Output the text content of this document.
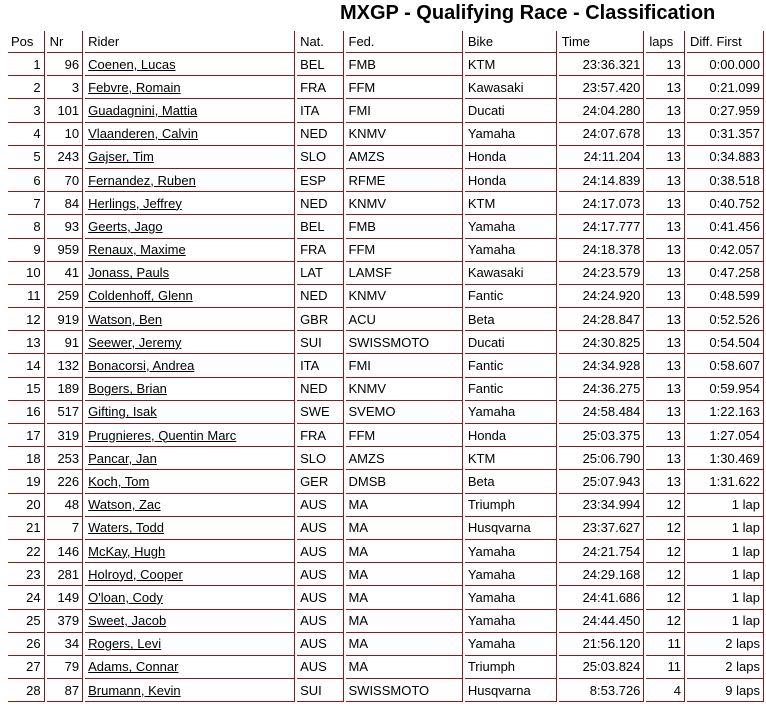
MXGP - Qualifying Race - Classification
Pos	Nr	Rider	Nat.	Fed.	Bike	Time	laps	Diff. First
1	96	Coenen, Lucas	BEL	FMB	KTM	23:36.321	13	0:00.000
2	3	Febvre, Romain	FRA	FFM	Kawasaki	23:57.420	13	0:21.099
3	101	Guadagnini, Mattia	ITA	FMI	Ducati	24:04.280	13	0:27.959
4	10	Vlaanderen, Calvin	NED	KNMV	Yamaha	24:07.678	13	0:31.357
5	243	Gajser, Tim	SLO	AMZS	Honda	24:11.204	13	0:34.883
6	70	Fernandez, Ruben	ESP	RFME	Honda	24:14.839	13	0:38.518
7	84	Herlings, Jeffrey	NED	KNMV	KTM	24:17.073	13	0:40.752
8	93	Geerts, Jago	BEL	FMB	Yamaha	24:17.777	13	0:41.456
9	959	Renaux, Maxime	FRA	FFM	Yamaha	24:18.378	13	0:42.057
10	41	Jonass, Pauls	LAT	LAMSF	Kawasaki	24:23.579	13	0:47.258
11	259	Coldenhoff, Glenn	NED	KNMV	Fantic	24:24.920	13	0:48.599
12	919	Watson, Ben	GBR	ACU	Beta	24:28.847	13	0:52.526
13	91	Seewer, Jeremy	SUI	SWISSMOTO	Ducati	24:30.825	13	0:54.504
14	132	Bonacorsi, Andrea	ITA	FMI	Fantic	24:34.928	13	0:58.607
15	189	Bogers, Brian	NED	KNMV	Fantic	24:36.275	13	0:59.954
16	517	Gifting, Isak	SWE	SVEMO	Yamaha	24:58.484	13	1:22.163
17	319	Prugnieres, Quentin Marc	FRA	FFM	Honda	25:03.375	13	1:27.054
18	253	Pancar, Jan	SLO	AMZS	KTM	25:06.790	13	1:30.469
19	226	Koch, Tom	GER	DMSB	Beta	25:07.943	13	1:31.622
20	48	Watson, Zac	AUS	MA	Triumph	23:34.994	12	1 lap
21	7	Waters, Todd	AUS	MA	Husqvarna	23:37.627	12	1 lap
22	146	McKay, Hugh	AUS	MA	Yamaha	24:21.754	12	1 lap
23	281	Holroyd, Cooper	AUS	MA	Yamaha	24:29.168	12	1 lap
24	149	O'loan, Cody	AUS	MA	Yamaha	24:41.686	12	1 lap
25	379	Sweet, Jacob	AUS	MA	Yamaha	24:44.450	12	1 lap
26	34	Rogers, Levi	AUS	MA	Yamaha	21:56.120	11	2 laps
27	79	Adams, Connar	AUS	MA	Triumph	25:03.824	11	2 laps
28	87	Brumann, Kevin	SUI	SWISSMOTO	Husqvarna	8:53.726	4	9 laps
